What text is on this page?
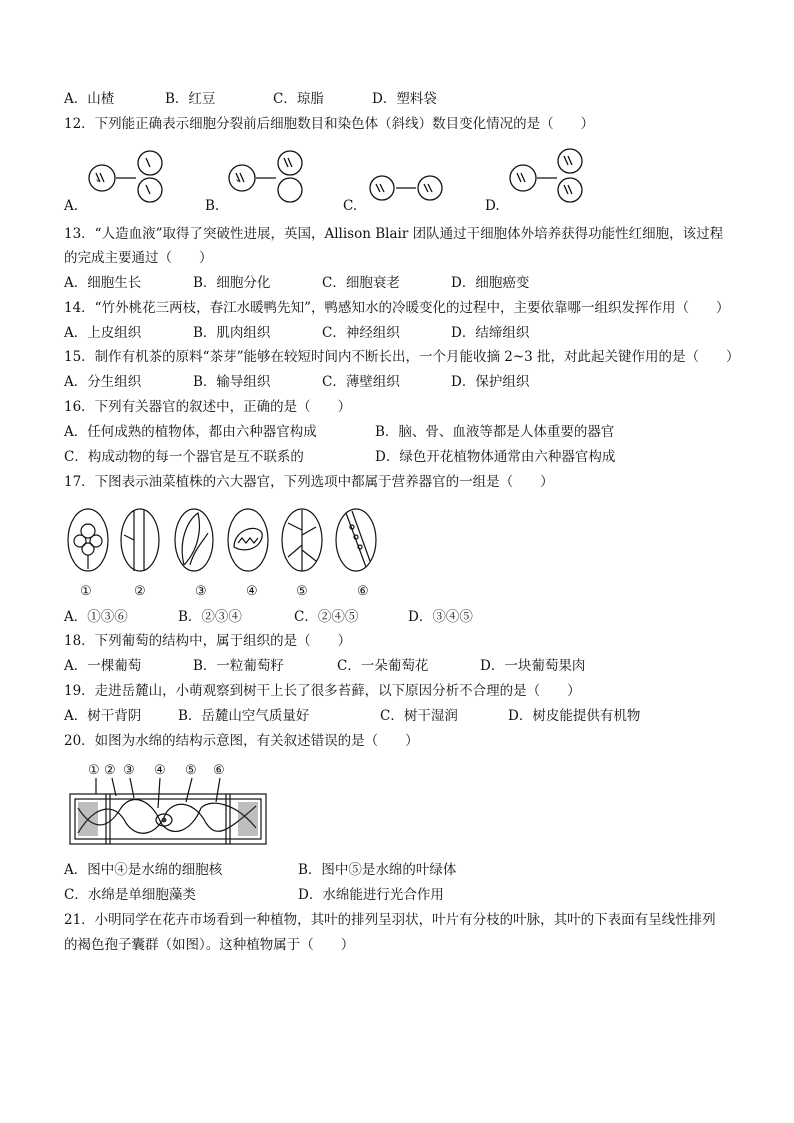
A．山楂	B．红豆	C．琼脂	D．塑料袋
12．下列能正确表示细胞分裂前后细胞数目和染色体（斜线）数目变化情况的是（　　）
A.	B.	C.	D.
13．“人造血液”取得了突破性进展，英国，Allison Blair 团队通过干细胞体外培养获得功能性红细胞，该过程
的完成主要通过（　　）
A．细胞生长	B．细胞分化	C．细胞衰老	D．细胞癌变
14．“竹外桃花三两枝，春江水暖鸭先知”，鸭感知水的冷暖变化的过程中，主要依靠哪一组织发挥作用（　　）
A．上皮组织	B．肌肉组织	C．神经组织	D．结缔组织
15．制作有机茶的原料“茶芽”能够在较短时间内不断长出，一个月能收摘 2~3 批，对此起关键作用的是（　　）
A．分生组织	B．输导组织	C．薄壁组织	D．保护组织
16．下列有关器官的叙述中，正确的是（　　）
A．任何成熟的植物体，都由六种器官构成	B．脑、骨、血液等都是人体重要的器官
C．构成动物的每一个器官是互不联系的	D．绿色开花植物体通常由六种器官构成
17．下图表示油菜植株的六大器官，下列选项中都属于营养器官的一组是（　　）
①	②	③	④	⑤	⑥
A．①③⑥	B．②③④	C．②④⑤	D．③④⑤
18．下列葡萄的结构中，属于组织的是（　　）
A．一棵葡萄	B．一粒葡萄籽	C．一朵葡萄花	D．一块葡萄果肉
19．走进岳麓山，小萌观察到树干上长了很多苔藓，以下原因分析不合理的是（　　）
A．树干背阴	B．岳麓山空气质量好	C．树干湿润	D．树皮能提供有机物
20．如图为水绵的结构示意图，有关叙述错误的是（　　）
① ② ③ ④ ⑤ ⑥
A．图中④是水绵的细胞核	B．图中⑤是水绵的叶绿体
C．水绵是单细胞藻类	D．水绵能进行光合作用
21．小明同学在花卉市场看到一种植物，其叶的排列呈羽状，叶片有分枝的叶脉，其叶的下表面有呈线性排列
的褐色孢子囊群（如图）。这种植物属于（　　）
